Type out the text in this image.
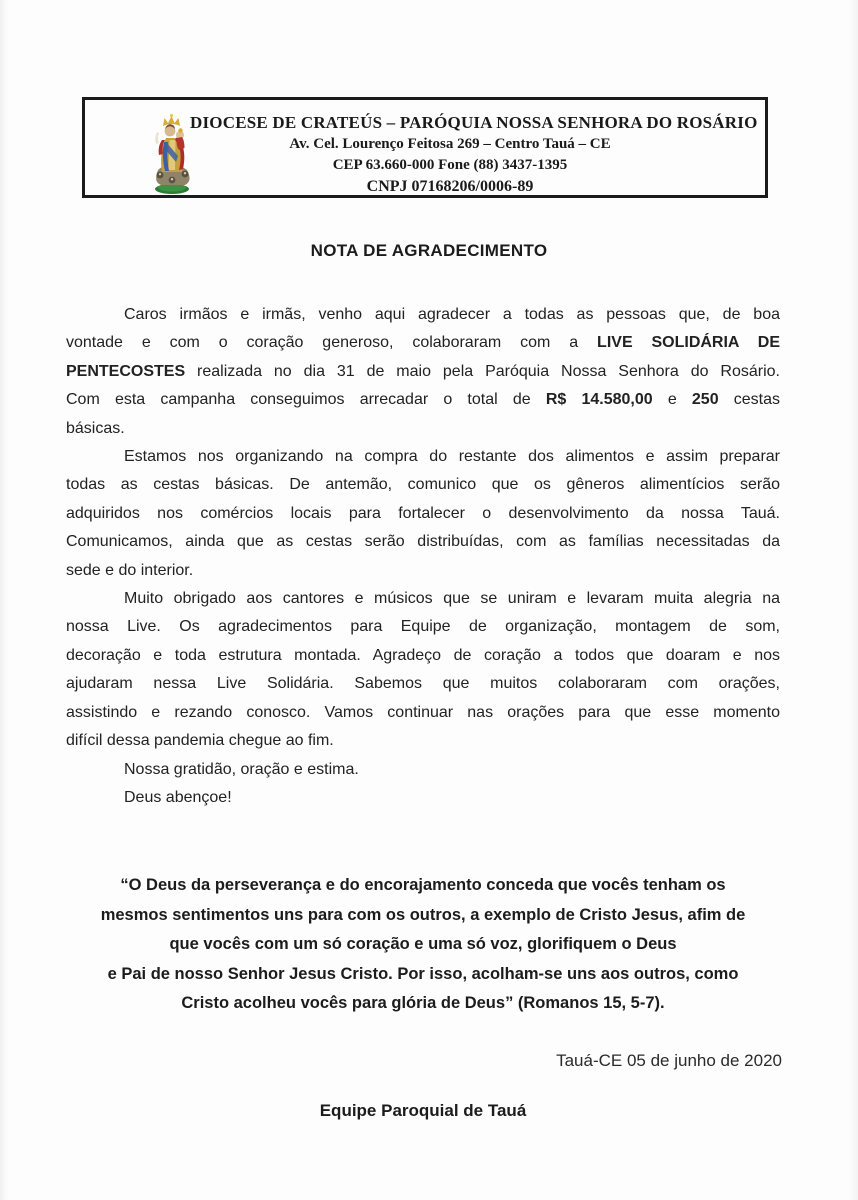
DIOCESE DE CRATEÚS – PARÓQUIA NOSSA SENHORA DO ROSÁRIO
Av. Cel. Lourenço Feitosa 269 – Centro Tauá – CE
CEP 63.660-000 Fone (88) 3437-1395
CNPJ 07168206/0006-89
NOTA DE AGRADECIMENTO
Caros irmãos e irmãs, venho aqui agradecer a todas as pessoas que, de boa
vontade e com o coração generoso, colaboraram com a LIVE SOLIDÁRIA DE
PENTECOSTES realizada no dia 31 de maio pela Paróquia Nossa Senhora do Rosário.
Com esta campanha conseguimos arrecadar o total de R$ 14.580,00 e 250 cestas
básicas.
Estamos nos organizando na compra do restante dos alimentos e assim preparar
todas as cestas básicas. De antemão, comunico que os gêneros alimentícios serão
adquiridos nos comércios locais para fortalecer o desenvolvimento da nossa Tauá.
Comunicamos, ainda que as cestas serão distribuídas, com as famílias necessitadas da
sede e do interior.
Muito obrigado aos cantores e músicos que se uniram e levaram muita alegria na
nossa Live. Os agradecimentos para Equipe de organização, montagem de som,
decoração e toda estrutura montada. Agradeço de coração a todos que doaram e nos
ajudaram nessa Live Solidária. Sabemos que muitos colaboraram com orações,
assistindo e rezando conosco. Vamos continuar nas orações para que esse momento
difícil dessa pandemia chegue ao fim.
Nossa gratidão, oração e estima.
Deus abençoe!
“O Deus da perseverança e do encorajamento conceda que vocês tenham os
mesmos sentimentos uns para com os outros, a exemplo de Cristo Jesus, afim de
que vocês com um só coração e uma só voz, glorifiquem o Deus
e Pai de nosso Senhor Jesus Cristo. Por isso, acolham-se uns aos outros, como
Cristo acolheu vocês para glória de Deus” (Romanos 15, 5-7).
Tauá-CE 05 de junho de 2020
Equipe Paroquial de Tauá
